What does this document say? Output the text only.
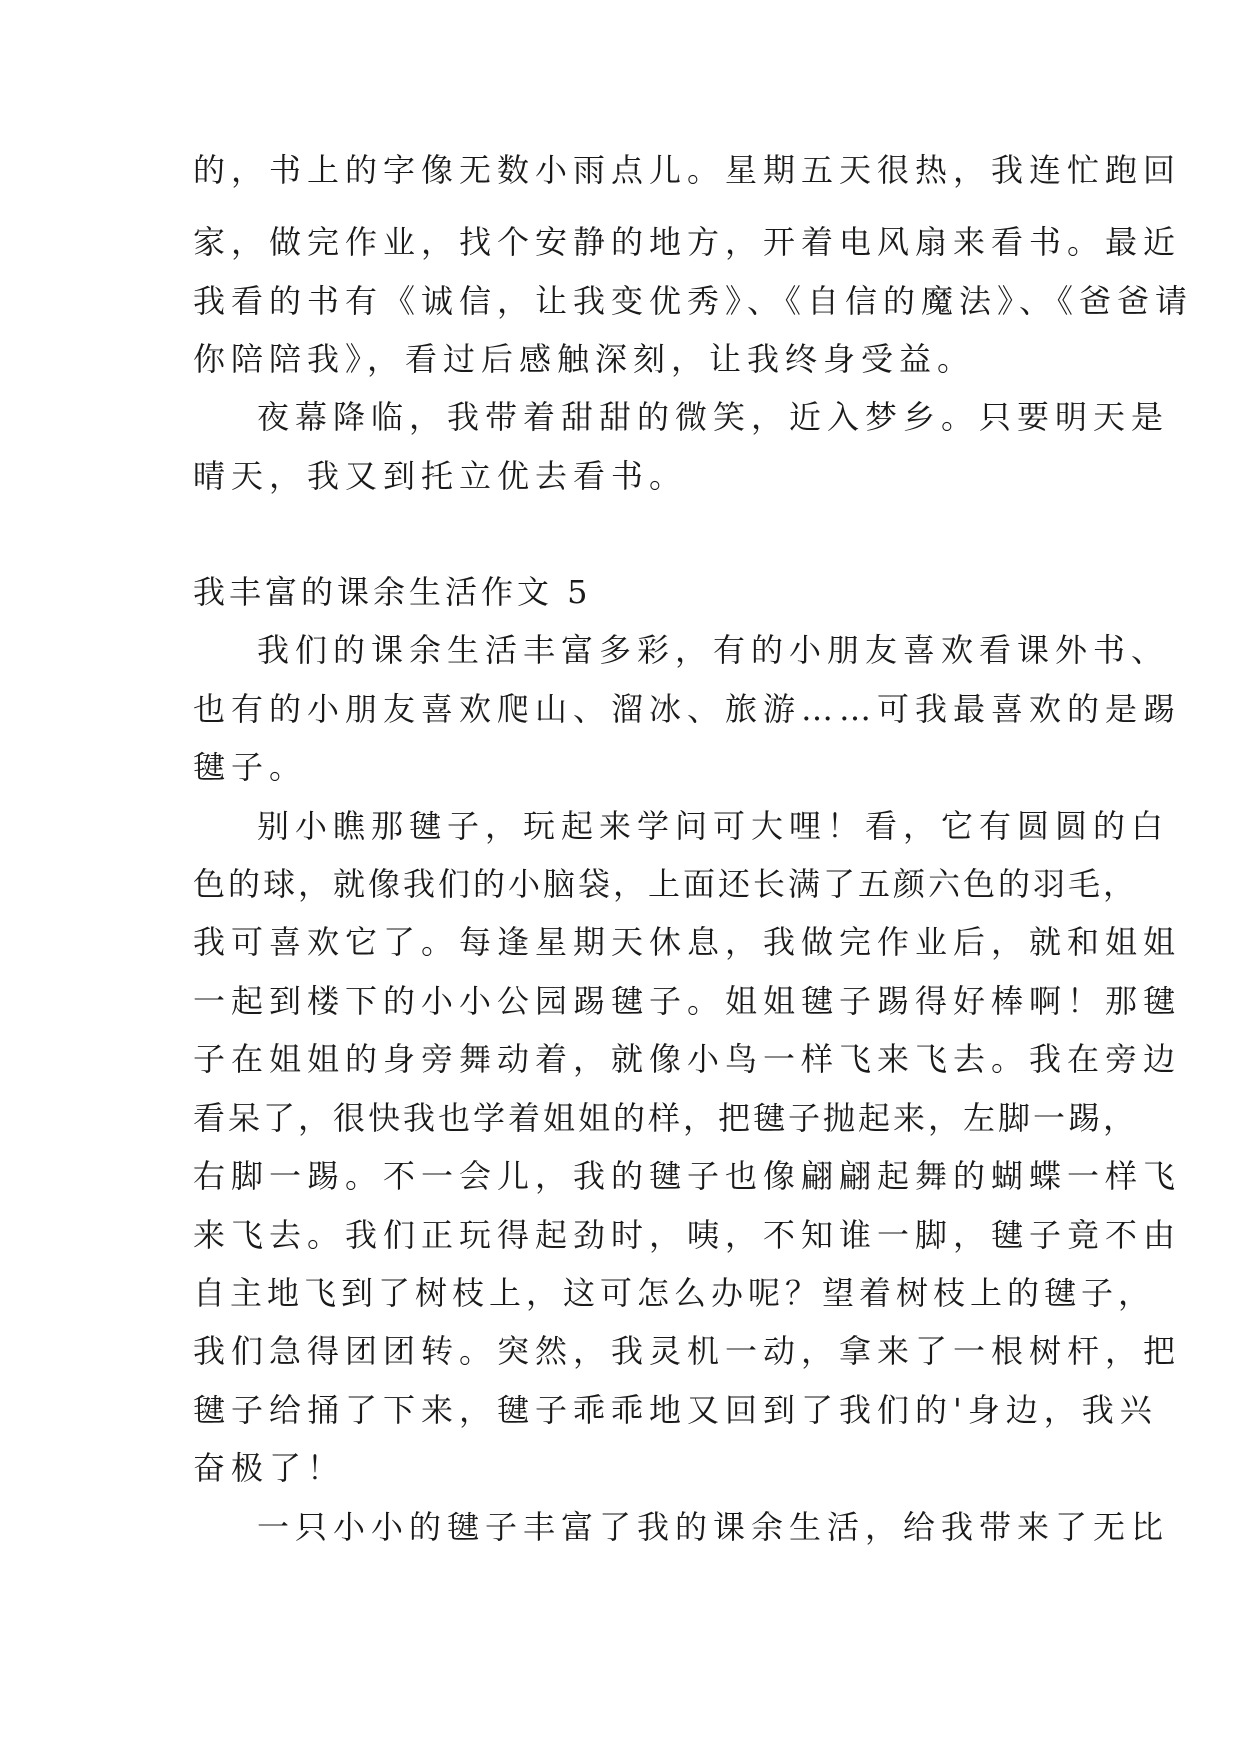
的，书上的字像无数小雨点儿。星期五天很热，我连忙跑回
家，做完作业，找个安静的地方，开着电风扇来看书。最近
我看的书有《诚信，让我变优秀》、《自信的魔法》、《爸爸请
你陪陪我》，看过后感触深刻，让我终身受益。
夜幕降临，我带着甜甜的微笑，近入梦乡。只要明天是
晴天，我又到托立优去看书。
我丰富的课余生活作文 5
我们的课余生活丰富多彩，有的小朋友喜欢看课外书、
也有的小朋友喜欢爬山、溜冰、旅游……可我最喜欢的是踢
毽子。
别小瞧那毽子，玩起来学问可大哩！看，它有圆圆的白
色的球，就像我们的小脑袋，上面还长满了五颜六色的羽毛，
我可喜欢它了。每逢星期天休息，我做完作业后，就和姐姐
一起到楼下的小小公园踢毽子。姐姐毽子踢得好棒啊！那毽
子在姐姐的身旁舞动着，就像小鸟一样飞来飞去。我在旁边
看呆了，很快我也学着姐姐的样，把毽子抛起来，左脚一踢，
右脚一踢。不一会儿，我的毽子也像翩翩起舞的蝴蝶一样飞
来飞去。我们正玩得起劲时，咦，不知谁一脚，毽子竟不由
自主地飞到了树枝上，这可怎么办呢？望着树枝上的毽子，
我们急得团团转。突然，我灵机一动，拿来了一根树杆，把
毽子给捅了下来，毽子乖乖地又回到了我们的'身边，我兴
奋极了！
一只小小的毽子丰富了我的课余生活，给我带来了无比
